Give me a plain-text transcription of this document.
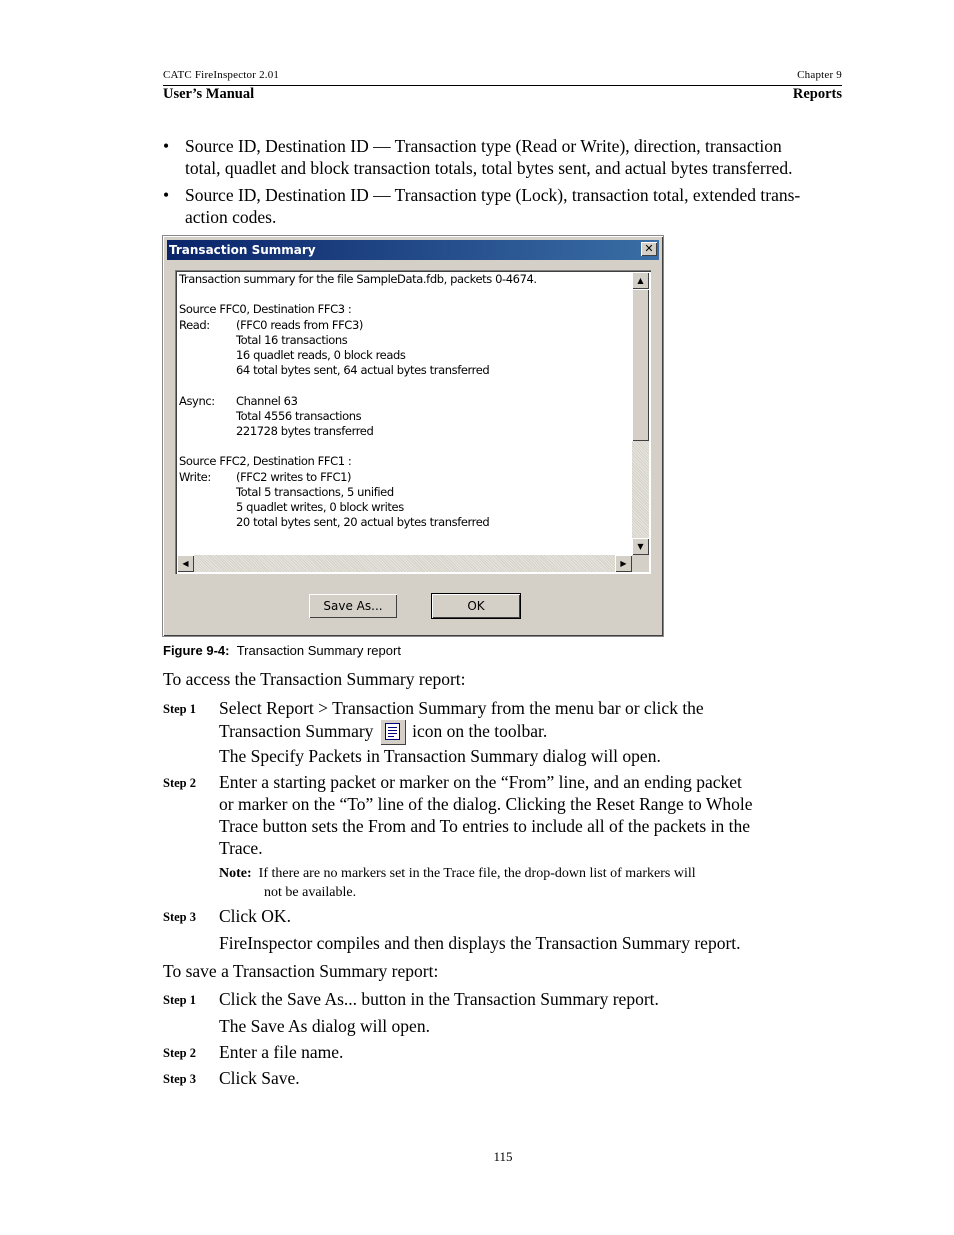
CATC FireInspector 2.01	Chapter 9
User’s Manual	Reports
• Source ID, Destination ID — Transaction type (Read or Write), direction, transaction
total, quadlet and block transaction totals, total bytes sent, and actual bytes transferred.
• Source ID, Destination ID — Transaction type (Lock), transaction total, extended trans-
action codes.
Transaction Summary	✕
Transaction summary for the file SampleData.fdb, packets 0-4674.
Source FFC0, Destination FFC3 :
Read: (FFC0 reads from FFC3)
Total 16 transactions
16 quadlet reads, 0 block reads
64 total bytes sent, 64 actual bytes transferred
Async: Channel 63
Total 4556 transactions
221728 bytes transferred
Source FFC2, Destination FFC1 :
Write: (FFC2 writes to FFC1)
Total 5 transactions, 5 unified
5 quadlet writes, 0 block writes
20 total bytes sent, 20 actual bytes transferred
▲
▼
◀	▶
Save As...	OK
Figure 9-4: Transaction Summary report
To access the Transaction Summary report:
Step 1 Select Report > Transaction Summary from the menu bar or click the
Transaction Summary icon on the toolbar.
The Specify Packets in Transaction Summary dialog will open.
Step 2 Enter a starting packet or marker on the “From” line, and an ending packet
or marker on the “To” line of the dialog. Clicking the Reset Range to Whole
Trace button sets the From and To entries to include all of the packets in the
Trace.
Note: If there are no markers set in the Trace file, the drop-down list of markers will
not be available.
Step 3 Click OK.
FireInspector compiles and then displays the Transaction Summary report.
To save a Transaction Summary report:
Step 1 Click the Save As... button in the Transaction Summary report.
The Save As dialog will open.
Step 2 Enter a file name.
Step 3 Click Save.
115
